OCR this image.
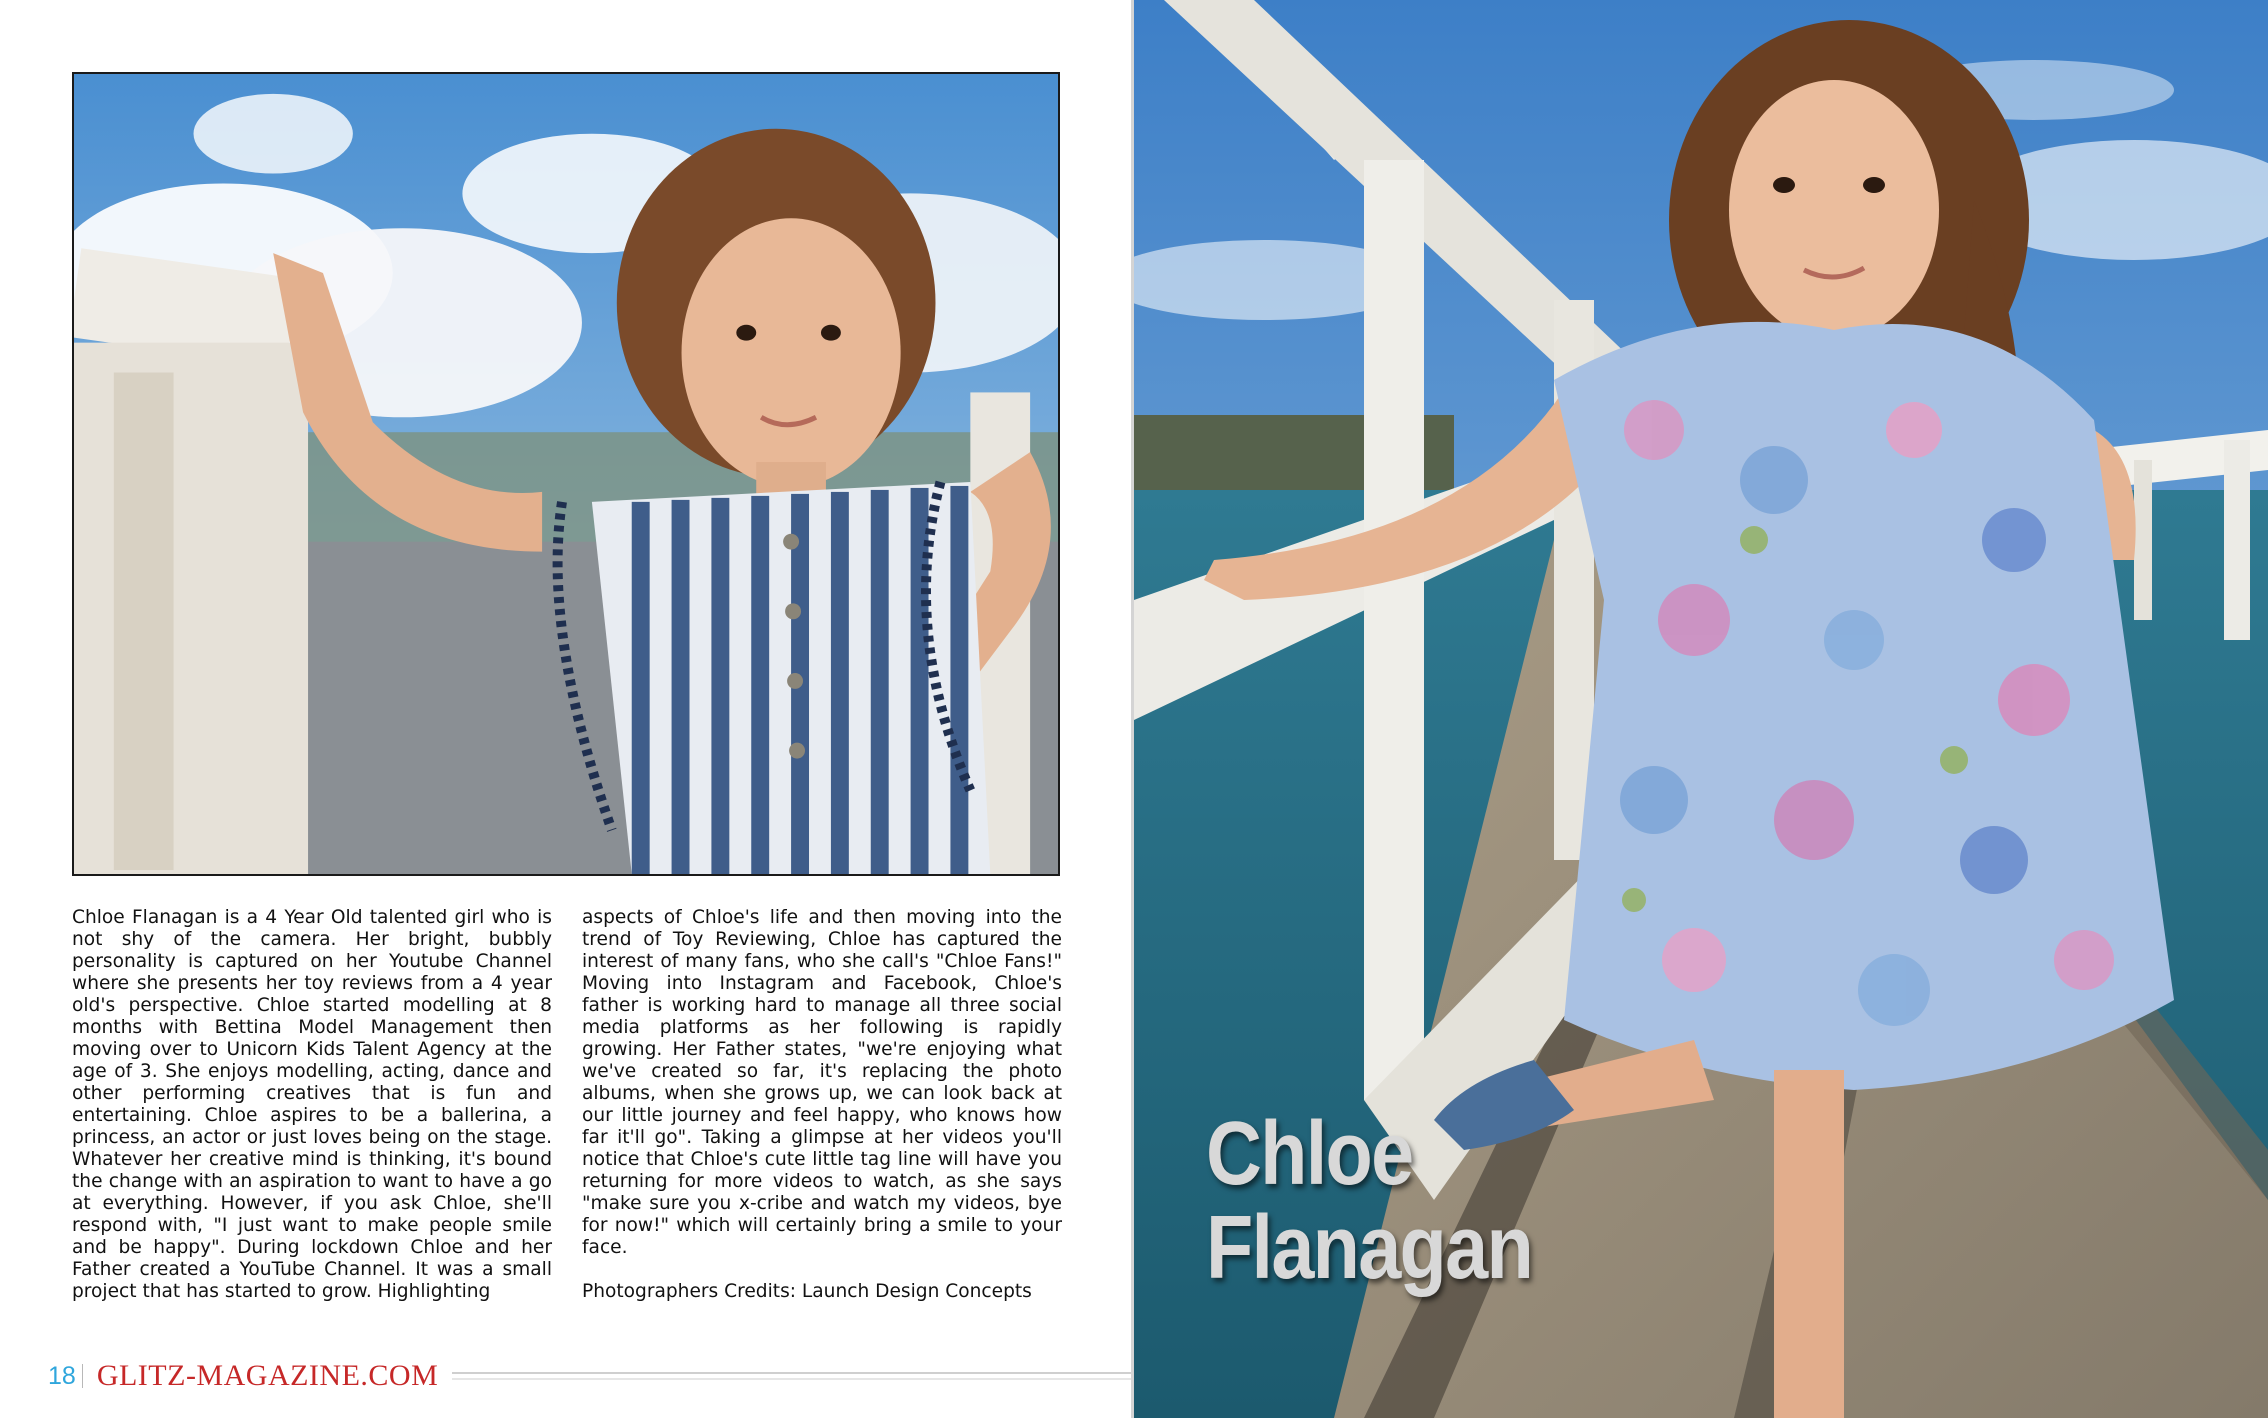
Chloe Flanagan is a 4 Year Old talented girl who is not shy of the camera. Her bright, bubbly personality is captured on her Youtube Channel where she presents her toy reviews from a 4 year old's perspective. Chloe started modelling at 8 months with Bettina Model Management then moving over to Unicorn Kids Talent Agency at the age of 3. She enjoys modelling, acting, dance and other performing creatives that is fun and entertaining. Chloe aspires to be a ballerina, a princess, an actor or just loves being on the stage. Whatever her creative mind is thinking, it's bound the change with an aspiration to want to have a go at everything. However, if you ask Chloe, she'll respond with, "I just want to make people smile and be happy". During lockdown Chloe and her Father created a YouTube Channel. It was a small project that has started to grow. Highlighting

aspects of Chloe's life and then moving into the trend of Toy Reviewing, Chloe has captured the interest of many fans, who she call's "Chloe Fans!" Moving into Instagram and Facebook, Chloe's father is working hard to manage all three social media platforms as her following is rapidly growing. Her Father states, "we're enjoying what we've created so far, it's replacing the photo albums, when she grows up, we can look back at our little journey and feel happy, who knows how far it'll go". Taking a glimpse at her videos you'll notice that Chloe's cute little tag line will have you returning for more videos to watch, as she says "make sure you x-cribe and watch my videos, bye for now!" which will certainly bring a smile to your face.

Photographers Credits: Launch Design Concepts

18 GLITZ-MAGAZINE.COM
Chloe
Flanagan
